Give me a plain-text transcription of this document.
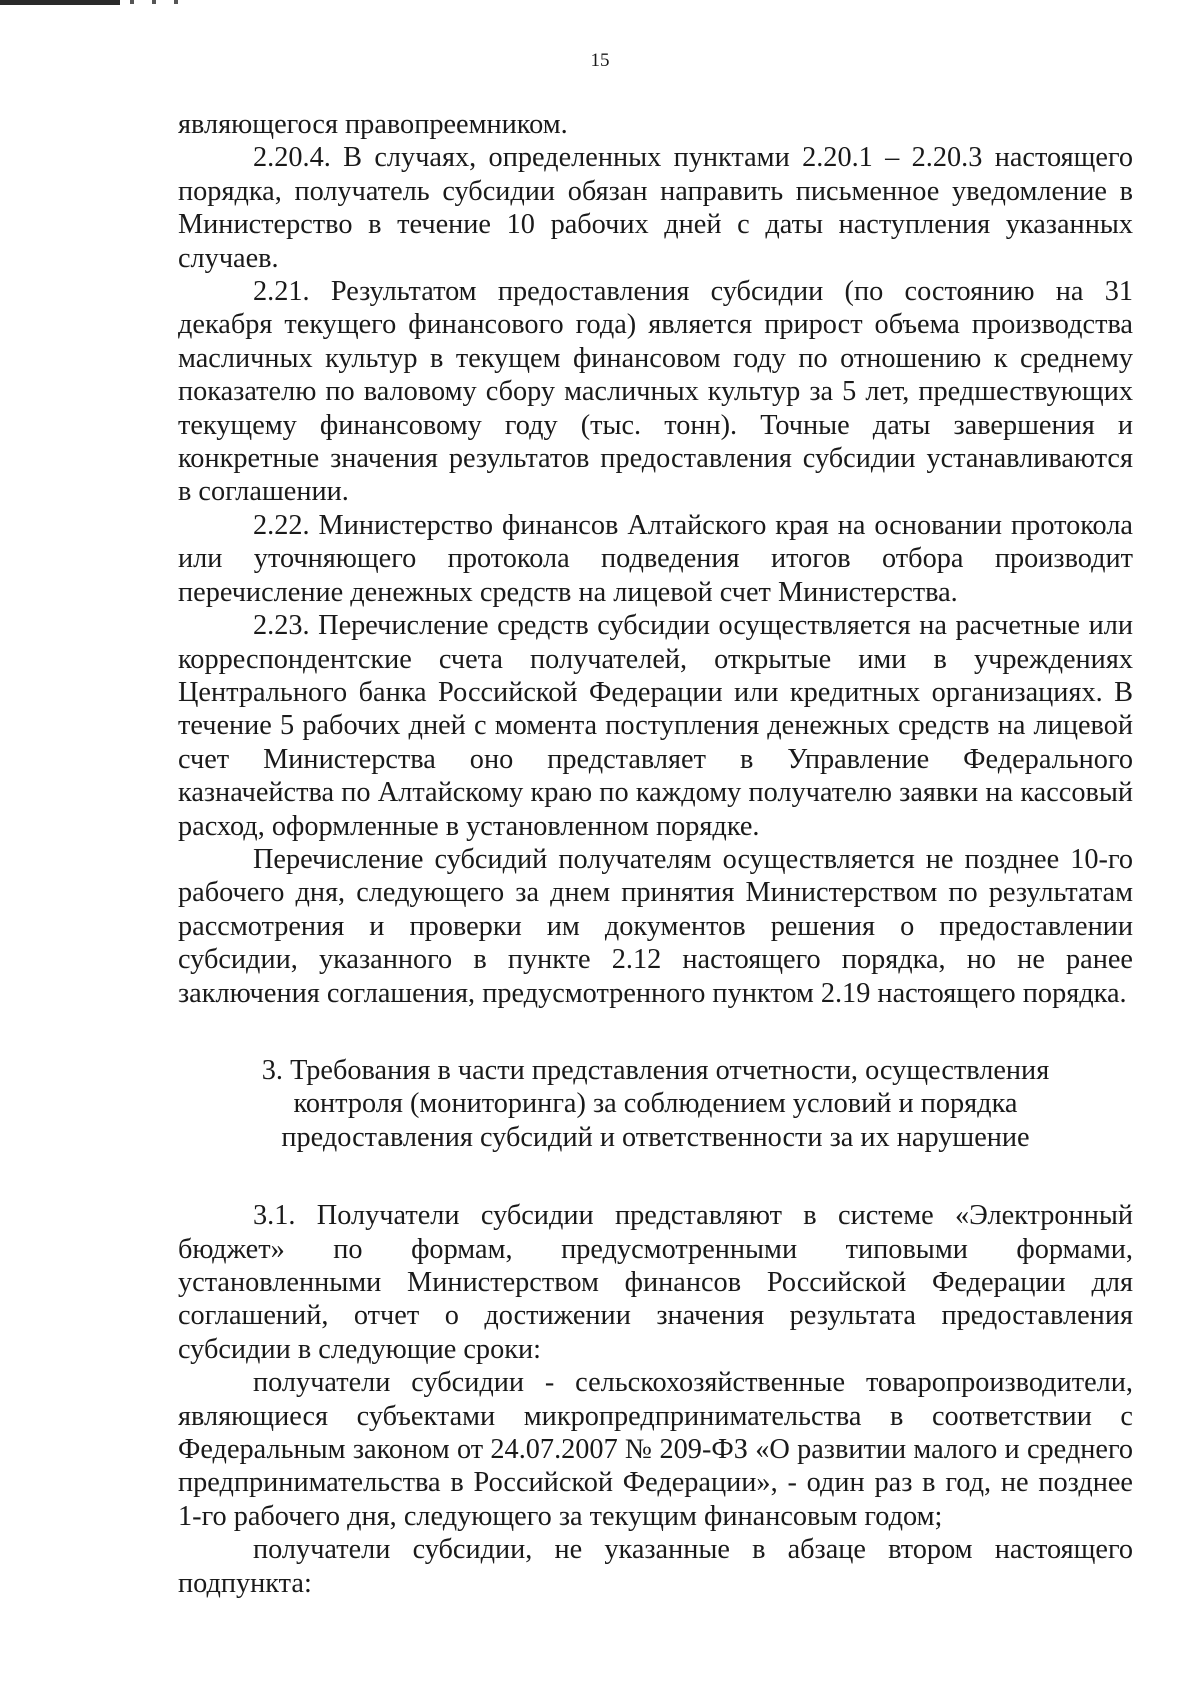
15

являющегося правопреемником.

2.20.4. В случаях, определенных пунктами 2.20.1 – 2.20.3 настоящего порядка, получатель субсидии обязан направить письменное уведомление в Министерство в течение 10 рабочих дней с даты наступления указанных случаев.

2.21. Результатом предоставления субсидии (по состоянию на 31 декабря текущего финансового года) является прирост объема производства масличных культур в текущем финансовом году по отношению к среднему показателю по валовому сбору масличных культур за 5 лет, предшествующих текущему финансовому году (тыс. тонн). Точные даты завершения и конкретные значения результатов предоставления субсидии устанавливаются в соглашении.

2.22. Министерство финансов Алтайского края на основании протокола или уточняющего протокола подведения итогов отбора производит перечисление денежных средств на лицевой счет Министерства.

2.23. Перечисление средств субсидии осуществляется на расчетные или корреспондентские счета получателей, открытые ими в учреждениях Центрального банка Российской Федерации или кредитных организациях. В течение 5 рабочих дней с момента поступления денежных средств на лицевой счет Министерства оно представляет в Управление Федерального казначейства по Алтайскому краю по каждому получателю заявки на кассовый расход, оформленные в установленном порядке.

Перечисление субсидий получателям осуществляется не позднее 10-го рабочего дня, следующего за днем принятия Министерством по результатам рассмотрения и проверки им документов решения о предоставлении субсидии, указанного в пункте 2.12 настоящего порядка, но не ранее заключения соглашения, предусмотренного пунктом 2.19 настоящего порядка.

3. Требования в части представления отчетности, осуществления контроля (мониторинга) за соблюдением условий и порядка предоставления субсидий и ответственности за их нарушение

3.1. Получатели субсидии представляют в системе «Электронный бюджет» по формам, предусмотренными типовыми формами, установленными Министерством финансов Российской Федерации для соглашений, отчет о достижении значения результата предоставления субсидии в следующие сроки:

получатели субсидии - сельскохозяйственные товаропроизводители, являющиеся субъектами микропредпринимательства в соответствии с Федеральным законом от 24.07.2007 № 209-ФЗ «О развитии малого и среднего предпринимательства в Российской Федерации», - один раз в год, не позднее 1-го рабочего дня, следующего за текущим финансовым годом;

получатели субсидии, не указанные в абзаце втором настоящего подпункта:
